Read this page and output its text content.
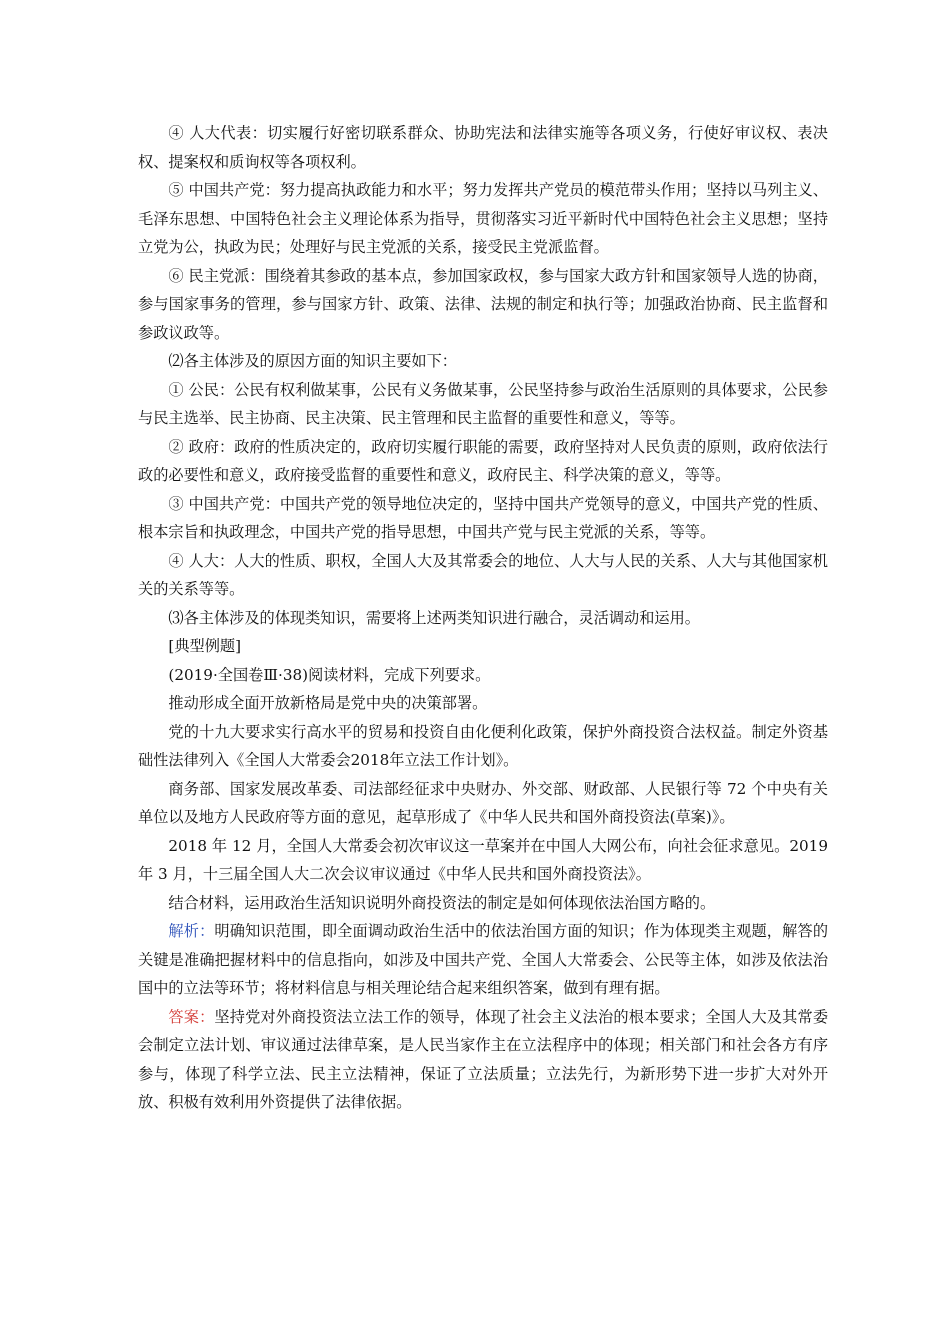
④ 人大代表：切实履行好密切联系群众、协助宪法和法律实施等各项义务，行使好审议权、表决权、提案权和质询权等各项权利。

⑤ 中国共产党：努力提高执政能力和水平；努力发挥共产党员的模范带头作用；坚持以马列主义、毛泽东思想、中国特色社会主义理论体系为指导，贯彻落实习近平新时代中国特色社会主义思想；坚持立党为公，执政为民；处理好与民主党派的关系，接受民主党派监督。

⑥ 民主党派：围绕着其参政的基本点，参加国家政权，参与国家大政方针和国家领导人选的协商，参与国家事务的管理，参与国家方针、政策、法律、法规的制定和执行等；加强政治协商、民主监督和参政议政等。

⑵各主体涉及的原因方面的知识主要如下：

① 公民：公民有权利做某事，公民有义务做某事，公民坚持参与政治生活原则的具体要求，公民参与民主选举、民主协商、民主决策、民主管理和民主监督的重要性和意义，等等。

② 政府：政府的性质决定的，政府切实履行职能的需要，政府坚持对人民负责的原则，政府依法行政的必要性和意义，政府接受监督的重要性和意义，政府民主、科学决策的意义，等等。

③ 中国共产党：中国共产党的领导地位决定的，坚持中国共产党领导的意义，中国共产党的性质、根本宗旨和执政理念，中国共产党的指导思想，中国共产党与民主党派的关系，等等。

④ 人大：人大的性质、职权，全国人大及其常委会的地位、人大与人民的关系、人大与其他国家机关的关系等等。

⑶各主体涉及的体现类知识，需要将上述两类知识进行融合，灵活调动和运用。

[典型例题]

(2019·全国卷Ⅲ·38)阅读材料，完成下列要求。

推动形成全面开放新格局是党中央的决策部署。

党的十九大要求实行高水平的贸易和投资自由化便利化政策，保护外商投资合法权益。制定外资基础性法律列入《全国人大常委会2018年立法工作计划》。

商务部、国家发展改革委、司法部经征求中央财办、外交部、财政部、人民银行等 72 个中央有关单位以及地方人民政府等方面的意见，起草形成了《中华人民共和国外商投资法(草案)》。

2018 年 12 月，全国人大常委会初次审议这一草案并在中国人大网公布，向社会征求意见。2019 年 3 月，十三届全国人大二次会议审议通过《中华人民共和国外商投资法》。

结合材料，运用政治生活知识说明外商投资法的制定是如何体现依法治国方略的。

解析：明确知识范围，即全面调动政治生活中的依法治国方面的知识；作为体现类主观题，解答的关键是准确把握材料中的信息指向，如涉及中国共产党、全国人大常委会、公民等主体，如涉及依法治国中的立法等环节；将材料信息与相关理论结合起来组织答案，做到有理有据。

答案：坚持党对外商投资法立法工作的领导，体现了社会主义法治的根本要求；全国人大及其常委会制定立法计划、审议通过法律草案，是人民当家作主在立法程序中的体现；相关部门和社会各方有序参与，体现了科学立法、民主立法精神，保证了立法质量；立法先行，为新形势下进一步扩大对外开放、积极有效利用外资提供了法律依据。
